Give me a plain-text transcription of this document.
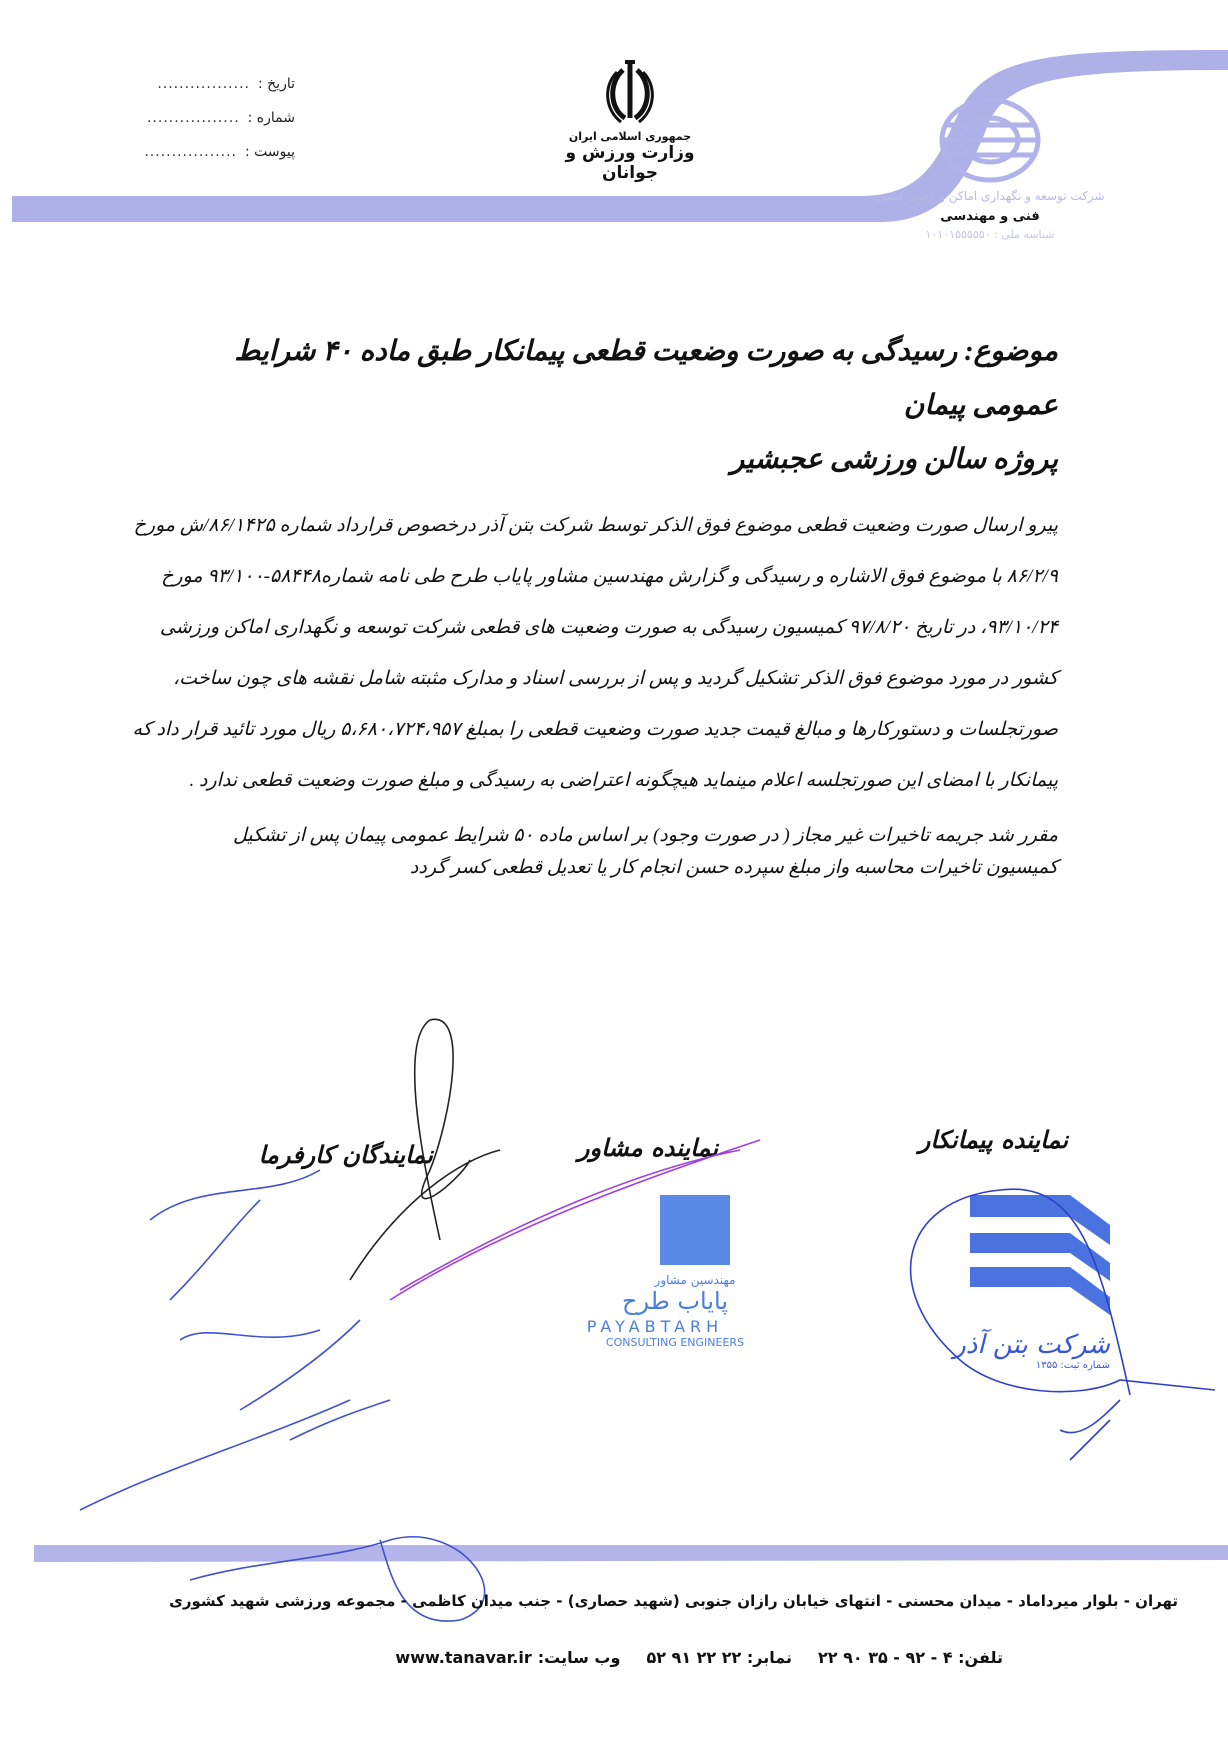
تاریخ :
.................
شماره :
.................
پیوست :
.................
جمهوری اسلامی ایران
وزارت ورزش و جوانان
شرکت توسعه و نگهداری اماکن ورزشی کشور
فنی و مهندسی
شناسه ملی : ۱۰۱۰۱۵۵۵۵۵۰
موضوع: رسیدگی به صورت وضعیت قطعی پیمانکار طبق ماده ۴۰ شرایط عمومی پیمان
پروژه سالن ورزشی عجبشیر
پیرو ارسال صورت وضعیت قطعی موضوع فوق الذکر توسط شرکت بتن آذر درخصوص قرارداد شماره ۸۶/۱۴۲۵/ش مورخ
۸۶/۲/۹ با موضوع فوق الاشاره و رسیدگی و گزارش مهندسین مشاور پایاب طرح طی نامه شماره۵۸۴۴۸-۹۳/۱۰۰ مورخ
۹۳/۱۰/۲۴، در تاریخ ۹۷/۸/۲۰ کمیسیون رسیدگی به صورت وضعیت های قطعی شرکت توسعه و نگهداری اماکن ورزشی
کشور در مورد موضوع فوق الذکر تشکیل گردید و پس از بررسی اسناد و مدارک مثبته شامل نقشه های چون ساخت،
صورتجلسات و دستورکارها و مبالغ قیمت جدید صورت وضعیت قطعی را بمبلغ ۵،۶۸۰،۷۲۴،۹۵۷ ریال مورد تائید قرار داد که
پیمانکار با امضای این صورتجلسه اعلام مینماید هیچگونه اعتراضی به رسیدگی و مبلغ صورت وضعیت قطعی ندارد .
مقرر شد جریمه تاخیرات غیر مجاز ( در صورت وجود) بر اساس ماده ۵۰ شرایط عمومی پیمان پس از تشکیل
کمیسیون تاخیرات محاسبه واز مبلغ سپرده حسن انجام کار یا تعدیل قطعی کسر گردد
نماینده پیمانکار
نماینده مشاور
نمایندگان کارفرما
مهندسین مشاور
پایاب طرح
PAYABTARH
CONSULTING ENGINEERS	شرکت بتن آذر
شماره ثبت: ۱۳۵۵
تهران - بلوار میرداماد - میدان محسنی - انتهای خیابان رازان جنوبی (شهید حصاری) - جنب میدان کاظمی - مجموعه ورزشی شهید کشوری
تلفن: ۴ - ۹۲ - ۳۵ ۹۰ ۲۲
نمابر: ۲۲ ۲۲ ۹۱ ۵۲
وب سایت:
www.tanavar.ir
